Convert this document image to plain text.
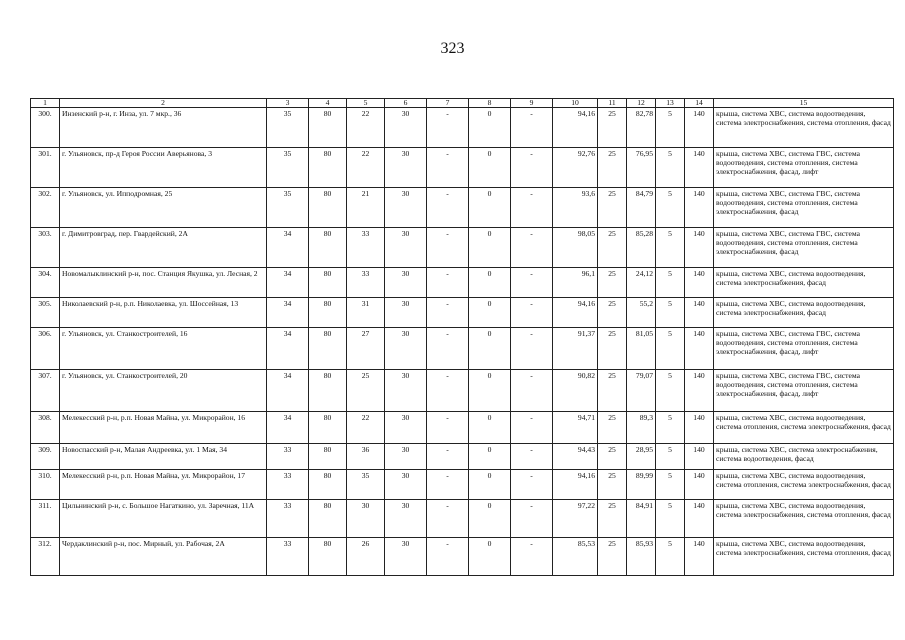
323
1	2	3	4	5	6	7	8	9	10	11	12	13	14	15
300.	Инзенский р-н, г. Инза, ул. 7 мкр., 36	35	80	22	30	-	0	-	94,16	25	82,78	5	140	крыша, система ХВС, система водоотведения, система электроснабжения, система отопления, фасад
301.	г. Ульяновск, пр-д Героя России Аверьянова, 3	35	80	22	30	-	0	-	92,76	25	76,95	5	140	крыша, система ХВС, система ГВС, система водоотведения, система отопления, система электроснабжения, фасад, лифт
302.	г. Ульяновск, ул. Ипподромная, 25	35	80	21	30	-	0	-	93,6	25	84,79	5	140	крыша, система ХВС, система ГВС, система водоотведения, система отопления, система электроснабжения, фасад
303.	г. Димитровград, пер. Гвардейский, 2А	34	80	33	30	-	0	-	98,05	25	85,28	5	140	крыша, система ХВС, система ГВС, система водоотведения, система отопления, система электроснабжения, фасад
304.	Новомалыклинский р-н, пос. Станция Якушка, ул. Лесная, 2	34	80	33	30	-	0	-	96,1	25	24,12	5	140	крыша, система ХВС, система водоотведения, система электроснабжения, фасад
305.	Николаевский р-н, р.п. Николаевка, ул. Шоссейная, 13	34	80	31	30	-	0	-	94,16	25	55,2	5	140	крыша, система ХВС, система водоотведения, система электроснабжения, фасад
306.	г. Ульяновск, ул. Станкостроителей, 16	34	80	27	30	-	0	-	91,37	25	81,05	5	140	крыша, система ХВС, система ГВС, система водоотведения, система отопления, система электроснабжения, фасад, лифт
307.	г. Ульяновск, ул. Станкостроителей, 20	34	80	25	30	-	0	-	90,82	25	79,07	5	140	крыша, система ХВС, система ГВС, система водоотведения, система отопления, система электроснабжения, фасад, лифт
308.	Мелекесский р-н, р.п. Новая Майна, ул. Микрорайон, 16	34	80	22	30	-	0	-	94,71	25	89,3	5	140	крыша, система ХВС, система водоотведения, система отопления, система электроснабжения, фасад
309.	Новоспасский р-н, Малая Андреевка, ул. 1 Мая, 34	33	80	36	30	-	0	-	94,43	25	28,95	5	140	крыша, система ХВС, система электроснабжения, система водоотведения, фасад
310.	Мелекесский р-н, р.п. Новая Майна, ул. Микрорайон, 17	33	80	35	30	-	0	-	94,16	25	89,99	5	140	крыша, система ХВС, система водоотведения, система отопления, система электроснабжения, фасад
311.	Цильнинский р-н, с. Большое Нагаткино, ул. Заречная, 11А	33	80	30	30	-	0	-	97,22	25	84,91	5	140	крыша, система ХВС, система водоотведения, система электроснабжения, система отопления, фасад
312.	Чердаклинский р-н, пос. Мирный, ул. Рабочая, 2А	33	80	26	30	-	0	-	85,53	25	85,93	5	140	крыша, система ХВС, система водоотведения, система электроснабжения, система отопления, фасад
